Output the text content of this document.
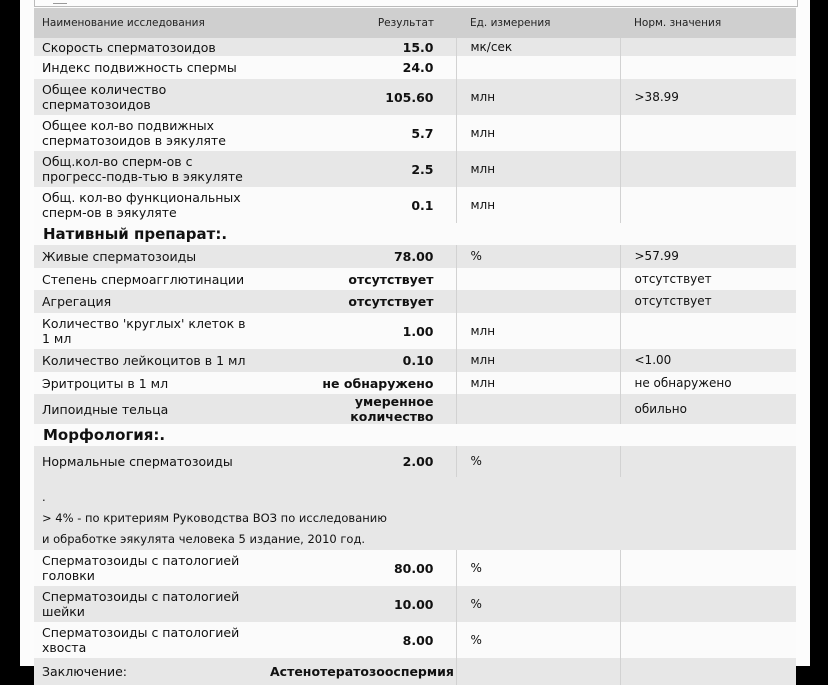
Наименование исследования	Результат	Ед. измерения	Норм. значения
Скорость сперматозоидов	15.0	мк/сек	
Индекс подвижность спермы	24.0		
Общее количество сперматозоидов	105.60	млн	>38.99
Общее кол-во подвижных сперматозоидов в эякуляте	5.7	млн	
Общ.кол-во сперм-ов с прогресс-подв-тью в эякуляте	2.5	млн	
Общ. кол-во функциональных сперм-ов в эякуляте	0.1	млн	
Нативный препарат:.			
Живые сперматозоиды	78.00	%	>57.99
Степень спермоагглютинации	отсутствует		отсутствует
Агрегация	отсутствует		отсутствует
Количество 'круглых' клеток в 1 мл	1.00	млн	
Количество лейкоцитов в 1 мл	0.10	млн	<1.00
Эритроциты в 1 мл	не обнаружено	млн	не обнаружено
Липоидные тельца	умеренное количество		обильно
Морфология:.			
Нормальные сперматозоиды	2.00	%	

.
> 4% - по критериям Руководства ВОЗ по исследованию
и обработке эякулята человека 5 издание, 2010 год.			

Сперматозоиды с патологией головки	80.00	%	
Сперматозоиды с патологией шейки	10.00	%	
Сперматозоиды с патологией хвоста	8.00	%	
Заключение:	Астенотератозооспермия		
